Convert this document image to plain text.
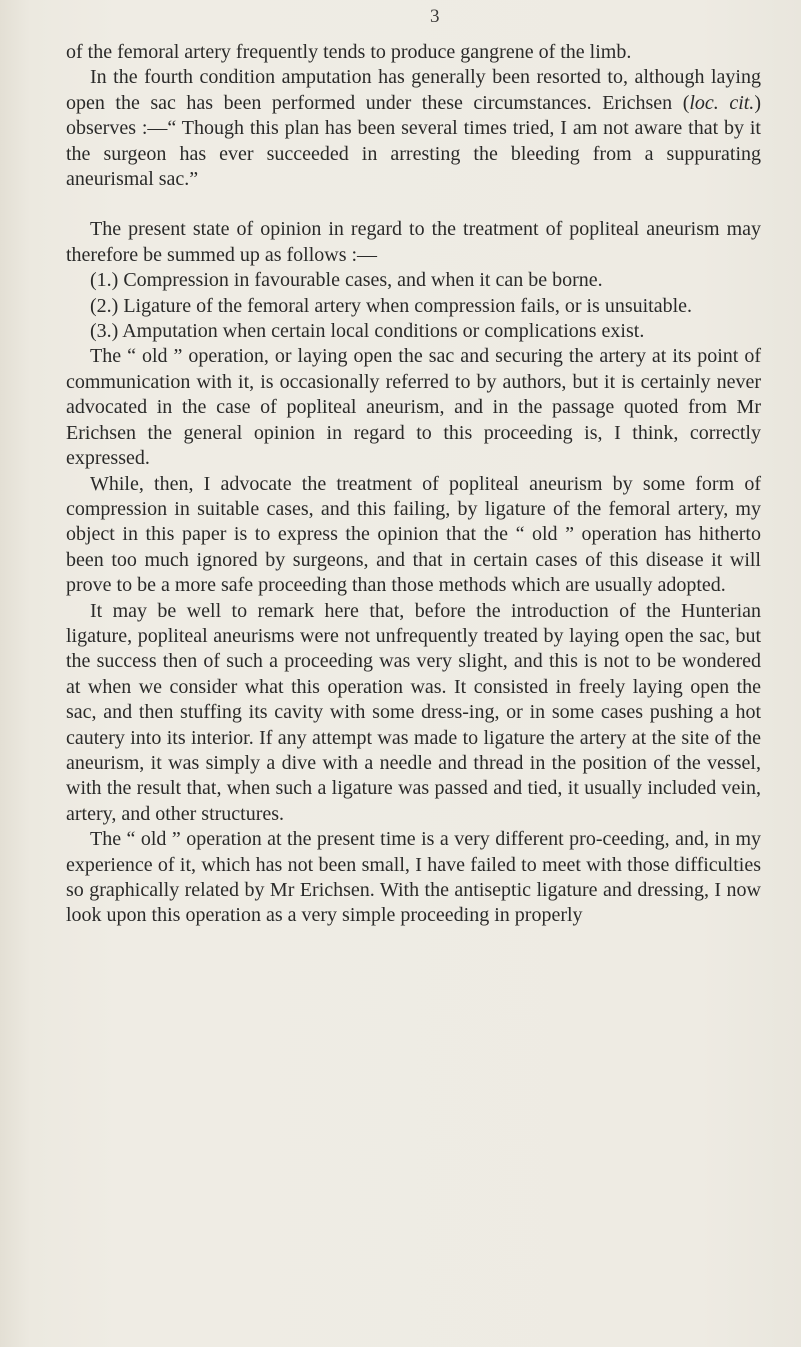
3

of the femoral artery frequently tends to produce gangrene of the limb.

In the fourth condition amputation has generally been resorted to, although laying open the sac has been performed under these circumstances. Erichsen (loc. cit.) observes :—“ Though this plan has been several times tried, I am not aware that by it the surgeon has ever succeeded in arresting the bleeding from a suppurating aneurismal sac.”

The present state of opinion in regard to the treatment of popliteal aneurism may therefore be summed up as follows :—

(1.) Compression in favourable cases, and when it can be borne.

(2.) Ligature of the femoral artery when compression fails, or is unsuitable.

(3.) Amputation when certain local conditions or complications exist.

The “ old ” operation, or laying open the sac and securing the artery at its point of communication with it, is occasionally referred to by authors, but it is certainly never advocated in the case of popliteal aneurism, and in the passage quoted from Mr Erichsen the general opinion in regard to this proceeding is, I think, correctly expressed.

While, then, I advocate the treatment of popliteal aneurism by some form of compression in suitable cases, and this failing, by ligature of the femoral artery, my object in this paper is to express the opinion that the “ old ” operation has hitherto been too much ignored by surgeons, and that in certain cases of this disease it will prove to be a more safe proceeding than those methods which are usually adopted.

It may be well to remark here that, before the introduction of the Hunterian ligature, popliteal aneurisms were not unfrequently treated by laying open the sac, but the success then of such a proceeding was very slight, and this is not to be wondered at when we consider what this operation was. It consisted in freely laying open the sac, and then stuffing its cavity with some dress-ing, or in some cases pushing a hot cautery into its interior. If any attempt was made to ligature the artery at the site of the aneurism, it was simply a dive with a needle and thread in the position of the vessel, with the result that, when such a ligature was passed and tied, it usually included vein, artery, and other structures.

The “ old ” operation at the present time is a very different pro-ceeding, and, in my experience of it, which has not been small, I have failed to meet with those difficulties so graphically related by Mr Erichsen. With the antiseptic ligature and dressing, I now look upon this operation as a very simple proceeding in properly
